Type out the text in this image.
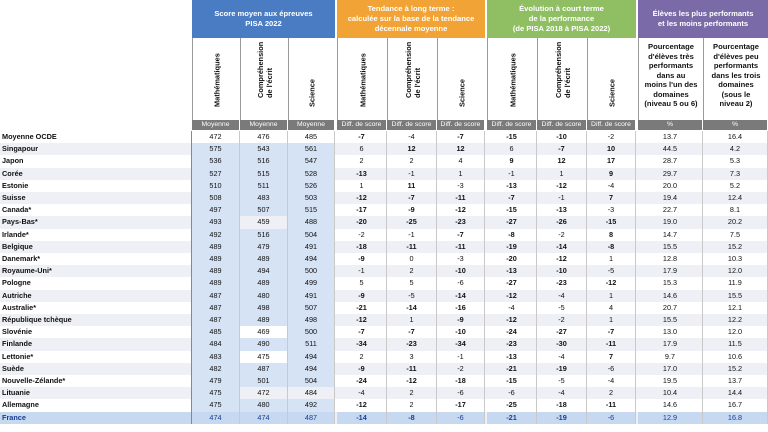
Score moyen aux épreuves
PISA 2022
Tendance à long terme :
calculée sur la base de la tendance
décennale moyenne
Évolution à court terme
de la performance
(de PISA 2018 à PISA 2022)
Élèves les plus performants
et les moins performants
Mathématiques	Compréhension
de l'écrit
Science	Mathématiques	Compréhension
de l'écrit
Science	Mathématiques	Compréhension
de l'écrit
Science
Pourcentage
d'élèves très
performants
dans au
moins l'un des
domaines
(niveau 5 ou 6)
Pourcentage
d'élèves peu
performants
dans les trois
domaines
(sous le
niveau 2)
Moyenne	Moyenne	Moyenne	Diff. de score	Diff. de score	Diff. de score	Diff. de score	Diff. de score	Diff. de score	%	%
Moyenne OCDE	472	476	485	-7	-4	-7	-15	-10	-2	13.7	16.4
Singapour	575	543	561	6	12	12	6	-7	10	44.5	4.2
Japon	536	516	547	2	2	4	9	12	17	28.7	5.3
Corée	527	515	528	-13	-1	1	-1	1	9	29.7	7.3
Estonie	510	511	526	1	11	-3	-13	-12	-4	20.0	5.2
Suisse	508	483	503	-12	-7	-11	-7	-1	7	19.4	12.4
Canada*	497	507	515	-17	-9	-12	-15	-13	-3	22.7	8.1
Pays-Bas*	493	459	488	-20	-25	-23	-27	-26	-15	19.0	20.2
Irlande*	492	516	504	-2	-1	-7	-8	-2	8	14.7	7.5
Belgique	489	479	491	-18	-11	-11	-19	-14	-8	15.5	15.2
Danemark*	489	489	494	-9	0	-3	-20	-12	1	12.8	10.3
Royaume-Uni*	489	494	500	-1	2	-10	-13	-10	-5	17.9	12.0
Pologne	489	489	499	5	5	-6	-27	-23	-12	15.3	11.9
Autriche	487	480	491	-9	-5	-14	-12	-4	1	14.6	15.5
Australie*	487	498	507	-21	-14	-16	-4	-5	4	20.7	12.1
République tchèque	487	489	498	-12	1	-9	-12	-2	1	15.5	12.2
Slovénie	485	469	500	-7	-7	-10	-24	-27	-7	13.0	12.0
Finlande	484	490	511	-34	-23	-34	-23	-30	-11	17.9	11.5
Lettonie*	483	475	494	2	3	-1	-13	-4	7	9.7	10.6
Suède	482	487	494	-9	-11	-2	-21	-19	-6	17.0	15.2
Nouvelle-Zélande*	479	501	504	-24	-12	-18	-15	-5	-4	19.5	13.7
Lituanie	475	472	484	-4	2	-6	-6	-4	2	10.4	14.4
Allemagne	475	480	492	-12	2	-17	-25	-18	-11	14.6	16.7
France	474	474	487	-14	-8	-6	-21	-19	-6	12.9	16.8
